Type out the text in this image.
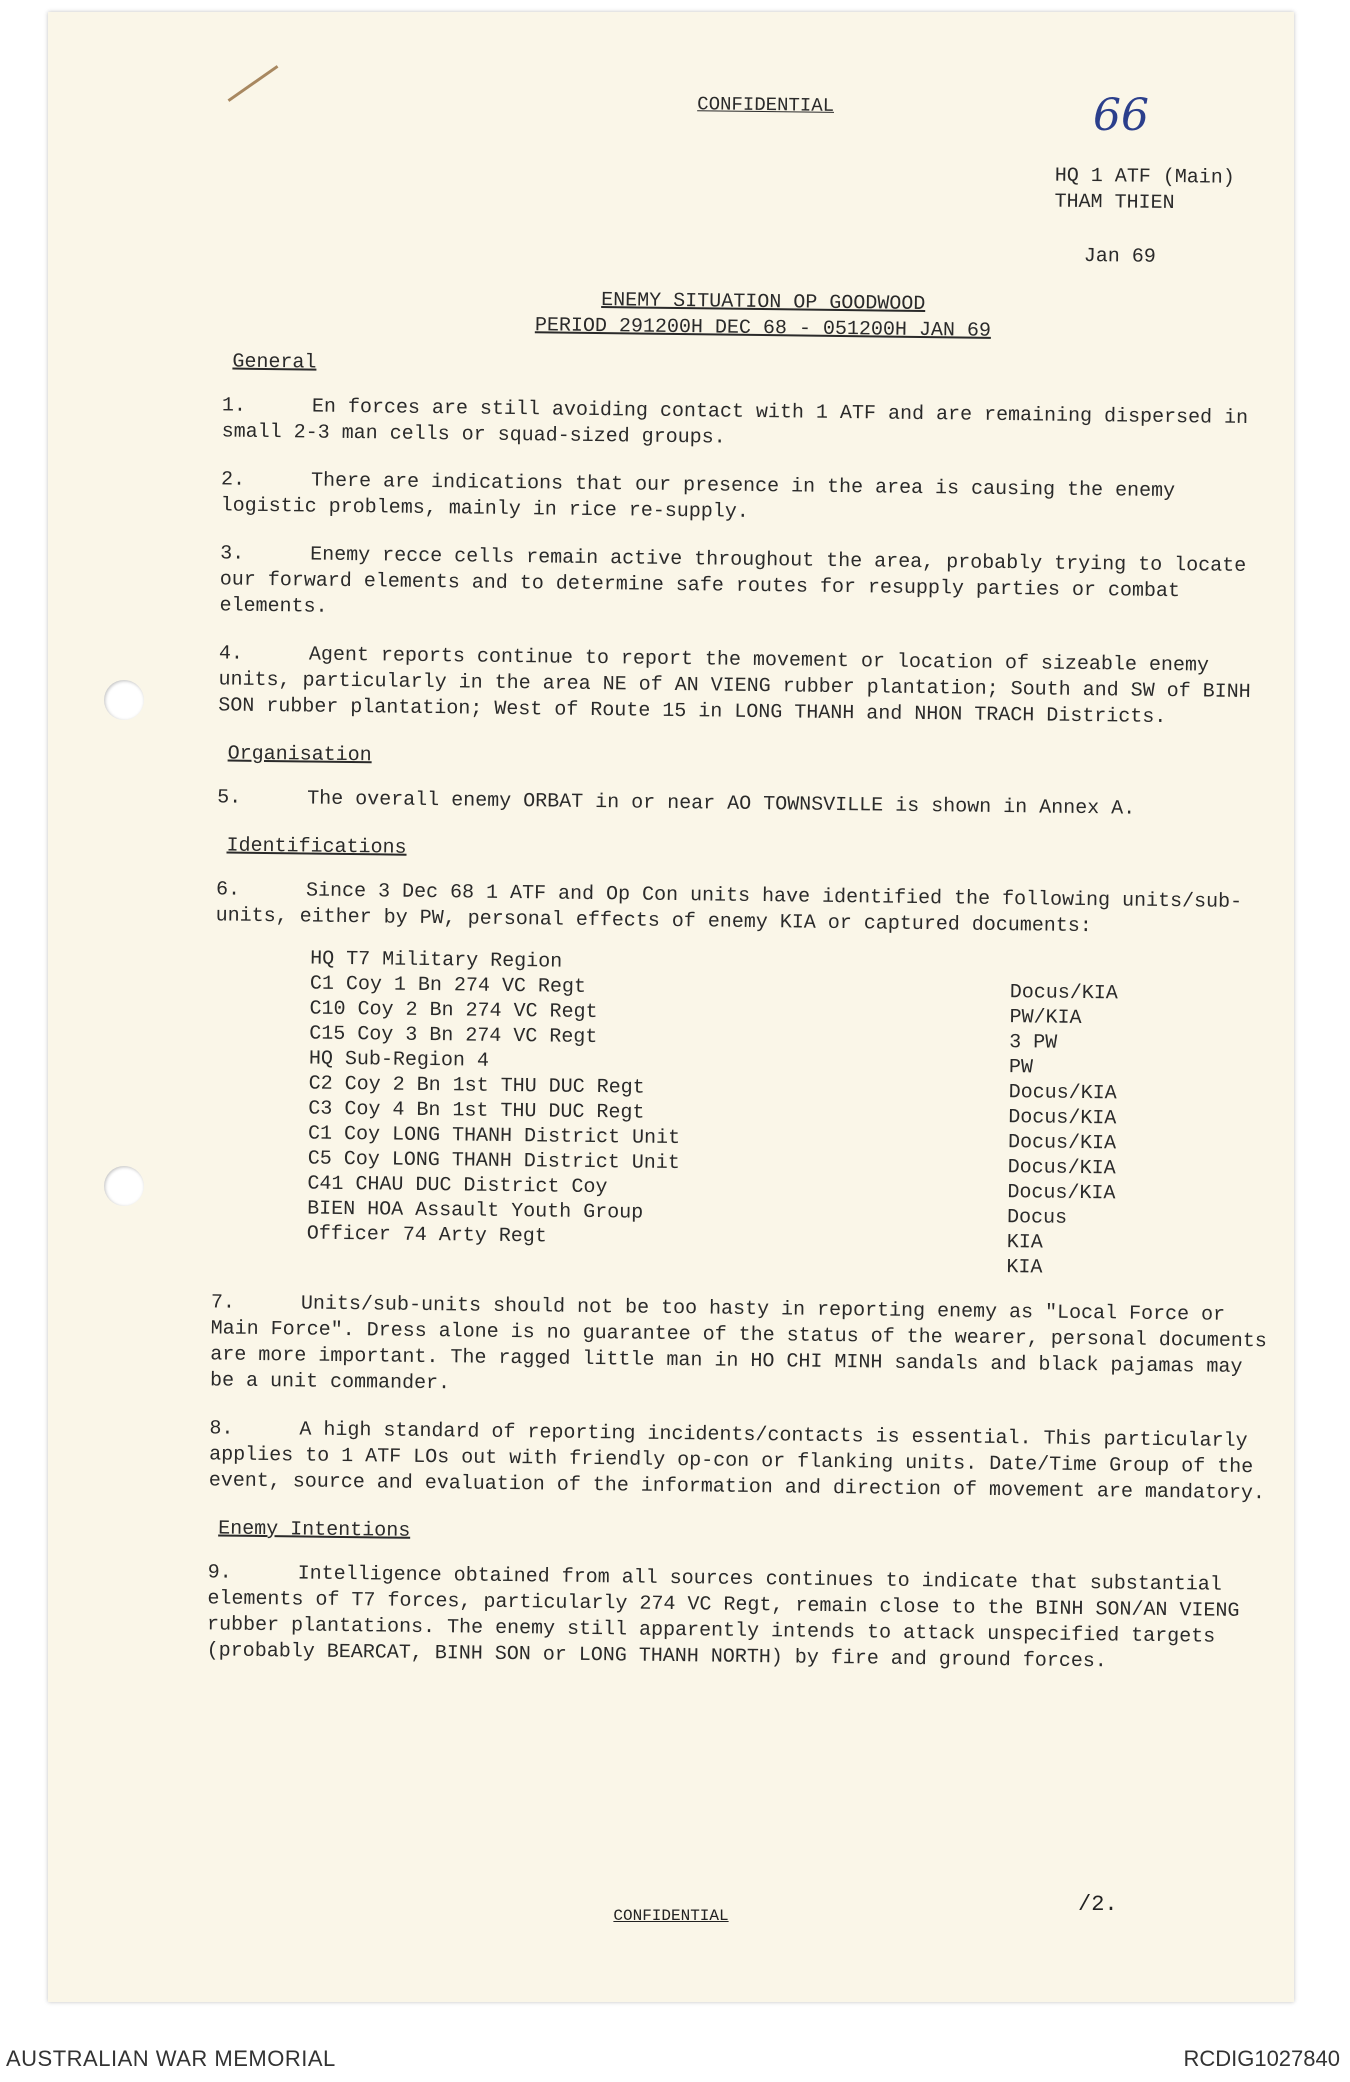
66
CONFIDENTIAL
HQ 1 ATF (Main)
THAM THIEN
Jan 69
ENEMY SITUATION OP GOODWOOD
PERIOD 291200H DEC 68 - 051200H JAN 69
General
1.	En forces are still avoiding contact with 1 ATF and are remaining dispersed in small 2-3 man cells or squad-sized groups.
2.	There are indications that our presence in the area is causing the enemy logistic problems, mainly in rice re-supply.
3.	Enemy recce cells remain active throughout the area, probably trying to locate our forward elements and to determine safe routes for resupply parties or combat elements.
4.	Agent reports continue to report the movement or location of sizeable enemy units, particularly in the area NE of AN VIENG rubber plantation; South and SW of BINH SON rubber plantation; West of Route 15 in LONG THANH and NHON TRACH Districts.
Organisation
5.	The overall enemy ORBAT in or near AO TOWNSVILLE is shown in Annex A.
Identifications
6.	Since 3 Dec 68 1 ATF and Op Con units have identified the following units/sub-units, either by PW, personal effects of enemy KIA or captured documents:
HQ T7 Military Region	
C1 Coy 1 Bn 274 VC Regt	Docus/KIA
C10 Coy 2 Bn 274 VC Regt	PW/KIA
C15 Coy 3 Bn 274 VC Regt	3 PW
HQ Sub-Region 4	PW
C2 Coy 2 Bn 1st THU DUC Regt	Docus/KIA
C3 Coy 4 Bn 1st THU DUC Regt	Docus/KIA
C1 Coy LONG THANH District Unit	Docus/KIA
C5 Coy LONG THANH District Unit	Docus/KIA
C41 CHAU DUC District Coy	Docus/KIA
BIEN HOA Assault Youth Group	Docus
Officer 74 Arty Regt	KIA
	KIA
7.	Units/sub-units should not be too hasty in reporting enemy as "Local Force or Main Force". Dress alone is no guarantee of the status of the wearer, personal documents are more important. The ragged little man in HO CHI MINH sandals and black pajamas may be a unit commander.
8.	A high standard of reporting incidents/contacts is essential. This particularly applies to 1 ATF LOs out with friendly op-con or flanking units. Date/Time Group of the event, source and evaluation of the information and direction of movement are mandatory.
Enemy Intentions
9.	Intelligence obtained from all sources continues to indicate that substantial elements of T7 forces, particularly 274 VC Regt, remain close to the BINH SON/AN VIENG rubber plantations. The enemy still apparently intends to attack unspecified targets (probably BEARCAT, BINH SON or LONG THANH NORTH) by fire and ground forces.
/2.
CONFIDENTIAL
AUSTRALIAN WAR MEMORIAL	RCDIG1027840
